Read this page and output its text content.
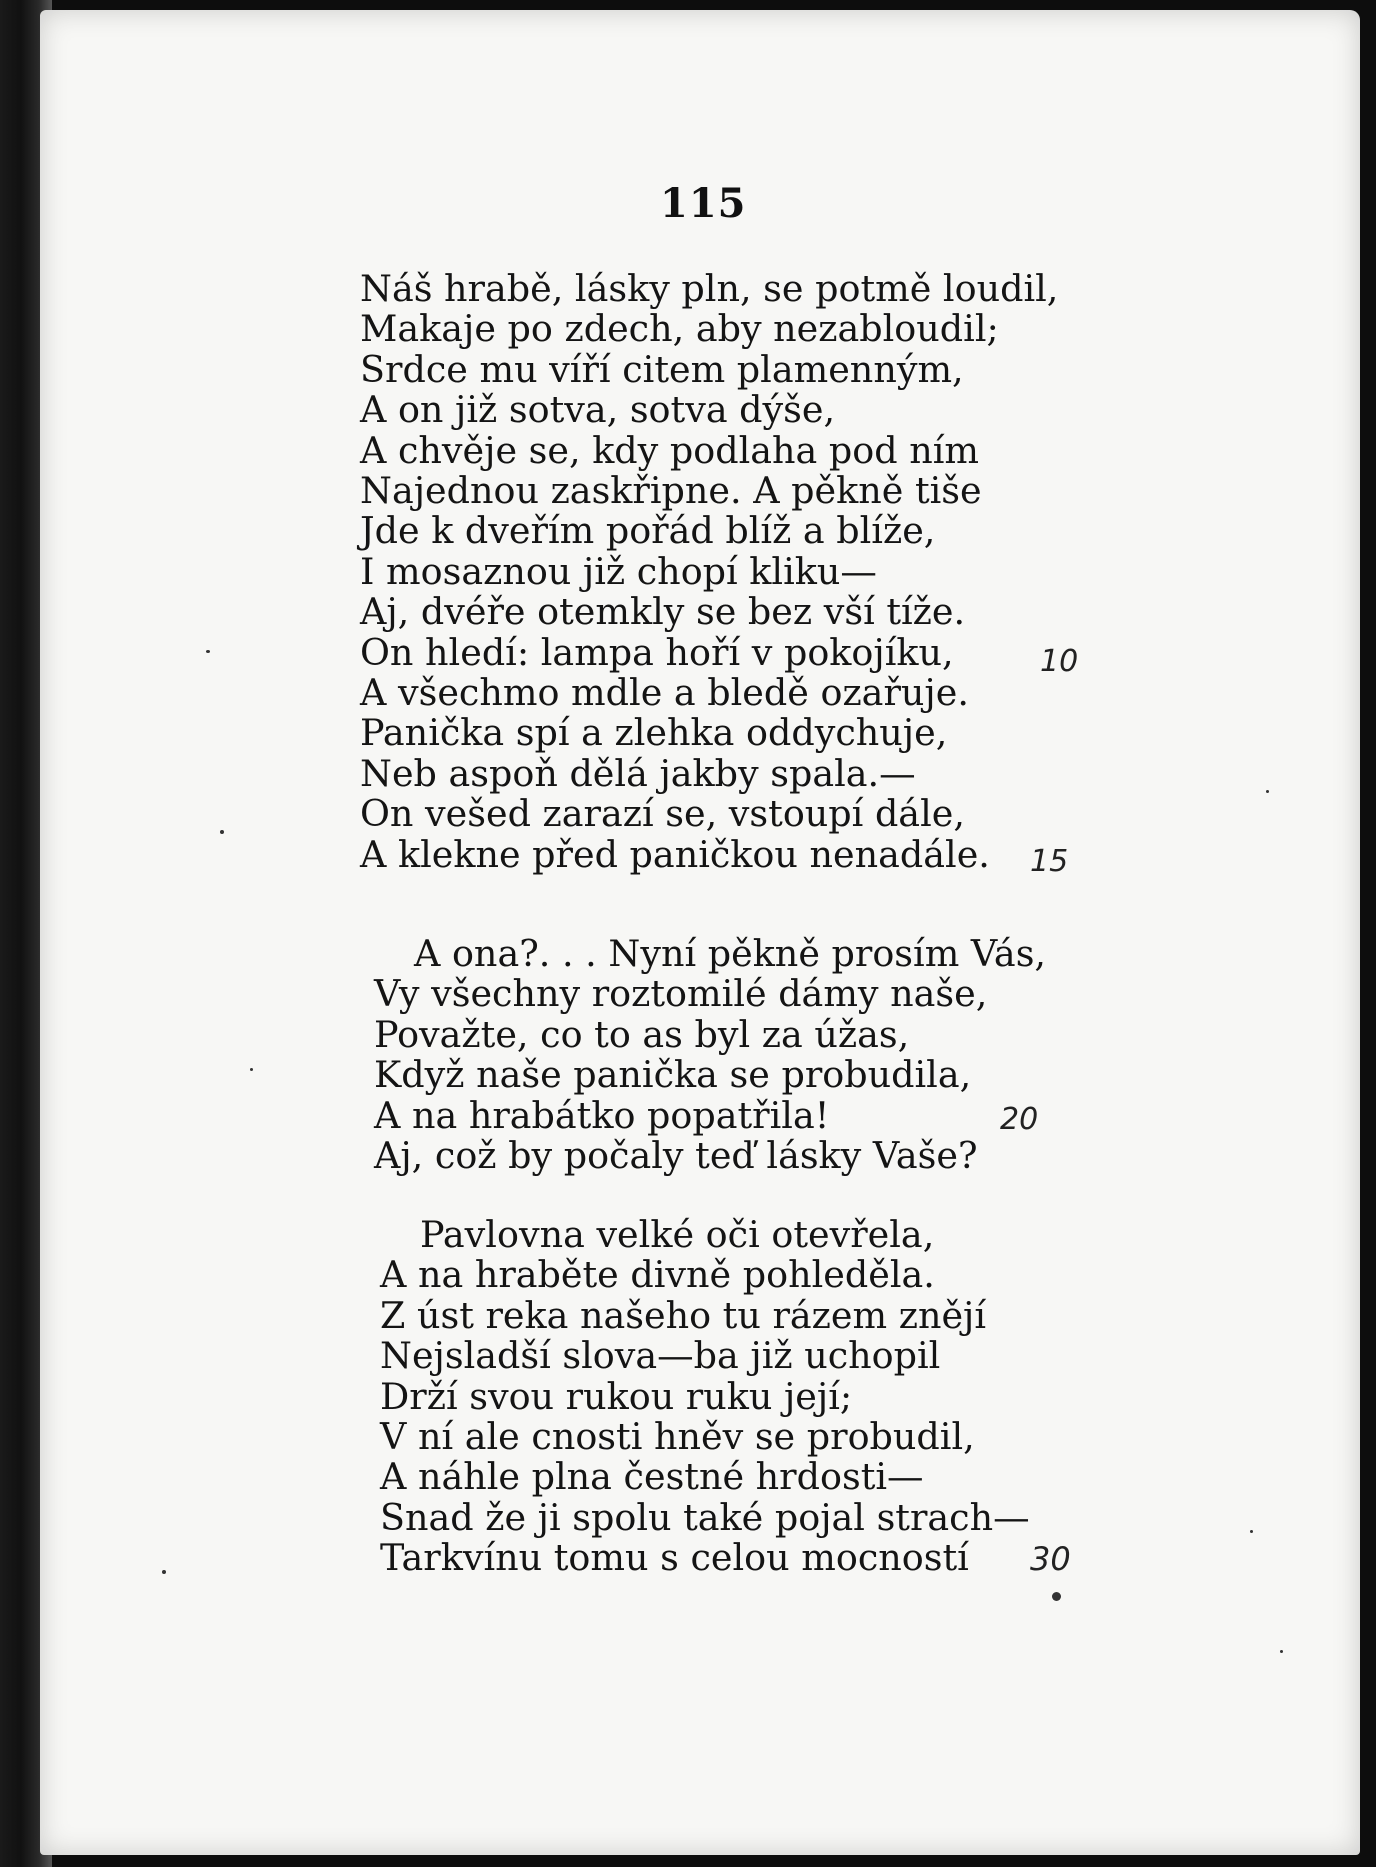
115
Náš hrabě, lásky pln, se potmě loudil,
Makaje po zdech, aby nezabloudil;
Srdce mu víří citem plamenným,
A on již sotva, sotva dýše,
A chvěje se, kdy podlaha pod ním
Najednou zaskřipne. A pěkně tiše
Jde k dveřím pořád blíž a blíže,
I mosaznou již chopí kliku—
Aj, dvéře otemkly se bez vší tíže.
On hledí: lampa hoří v pokojíku,
A všechmo mdle a bledě ozařuje.
Panička spí a zlehka oddychuje,
Neb aspoň dělá jakby spala.—
On vešed zarazí se, vstoupí dále,
A klekne před paničkou nenadále.
A ona?. . . Nyní pěkně prosím Vás,
Vy všechny roztomilé dámy naše,
Považte, co to as byl za úžas,
Když naše panička se probudila,
A na hrabátko popatřila!
Aj, což by počaly teď lásky Vaše?
Pavlovna velké oči otevřela,
A na hraběte divně pohleděla.
Z úst reka našeho tu rázem znějí
Nejsladší slova—ba již uchopil
Drží svou rukou ruku její;
V ní ale cnosti hněv se probudil,
A náhle plna čestné hrdosti—
Snad že ji spolu také pojal strach—
Tarkvínu tomu s celou mocností
10
15
20
30
